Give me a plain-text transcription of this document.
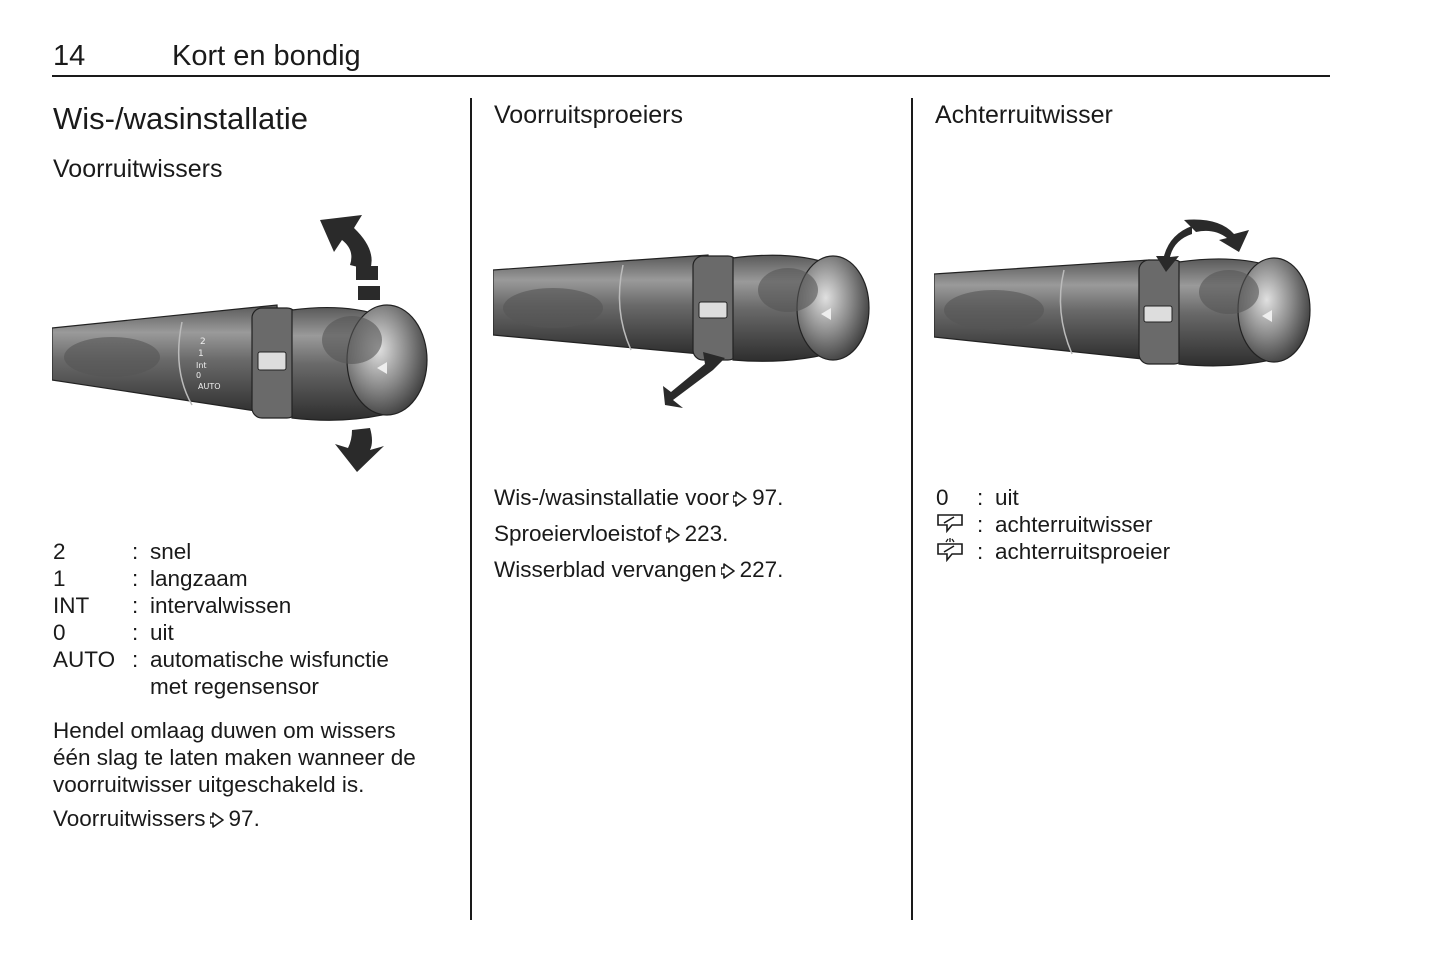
14	Kort en bondig
Wis-/wasinstallatie
Voorruitwissers
2
1
Int
0
AUTO
2	: snel
1	: langzaam
INT : intervalwissen
0	: uit
AUTO : automatische wisfunctie
met regensensor
Hendel omlaag duwen om wissers
één slag te laten maken wanneer de
voorruitwisser uitgeschakeld is.
Voorruitwissers 97.
Voorruitsproeiers
Wis-/wasinstallatie voor 97.
Sproeiervloeistof 223.
Wisserblad vervangen 227.
Achterruitwisser
0 : uit
: achterruitwisser
: achterruitsproeier
